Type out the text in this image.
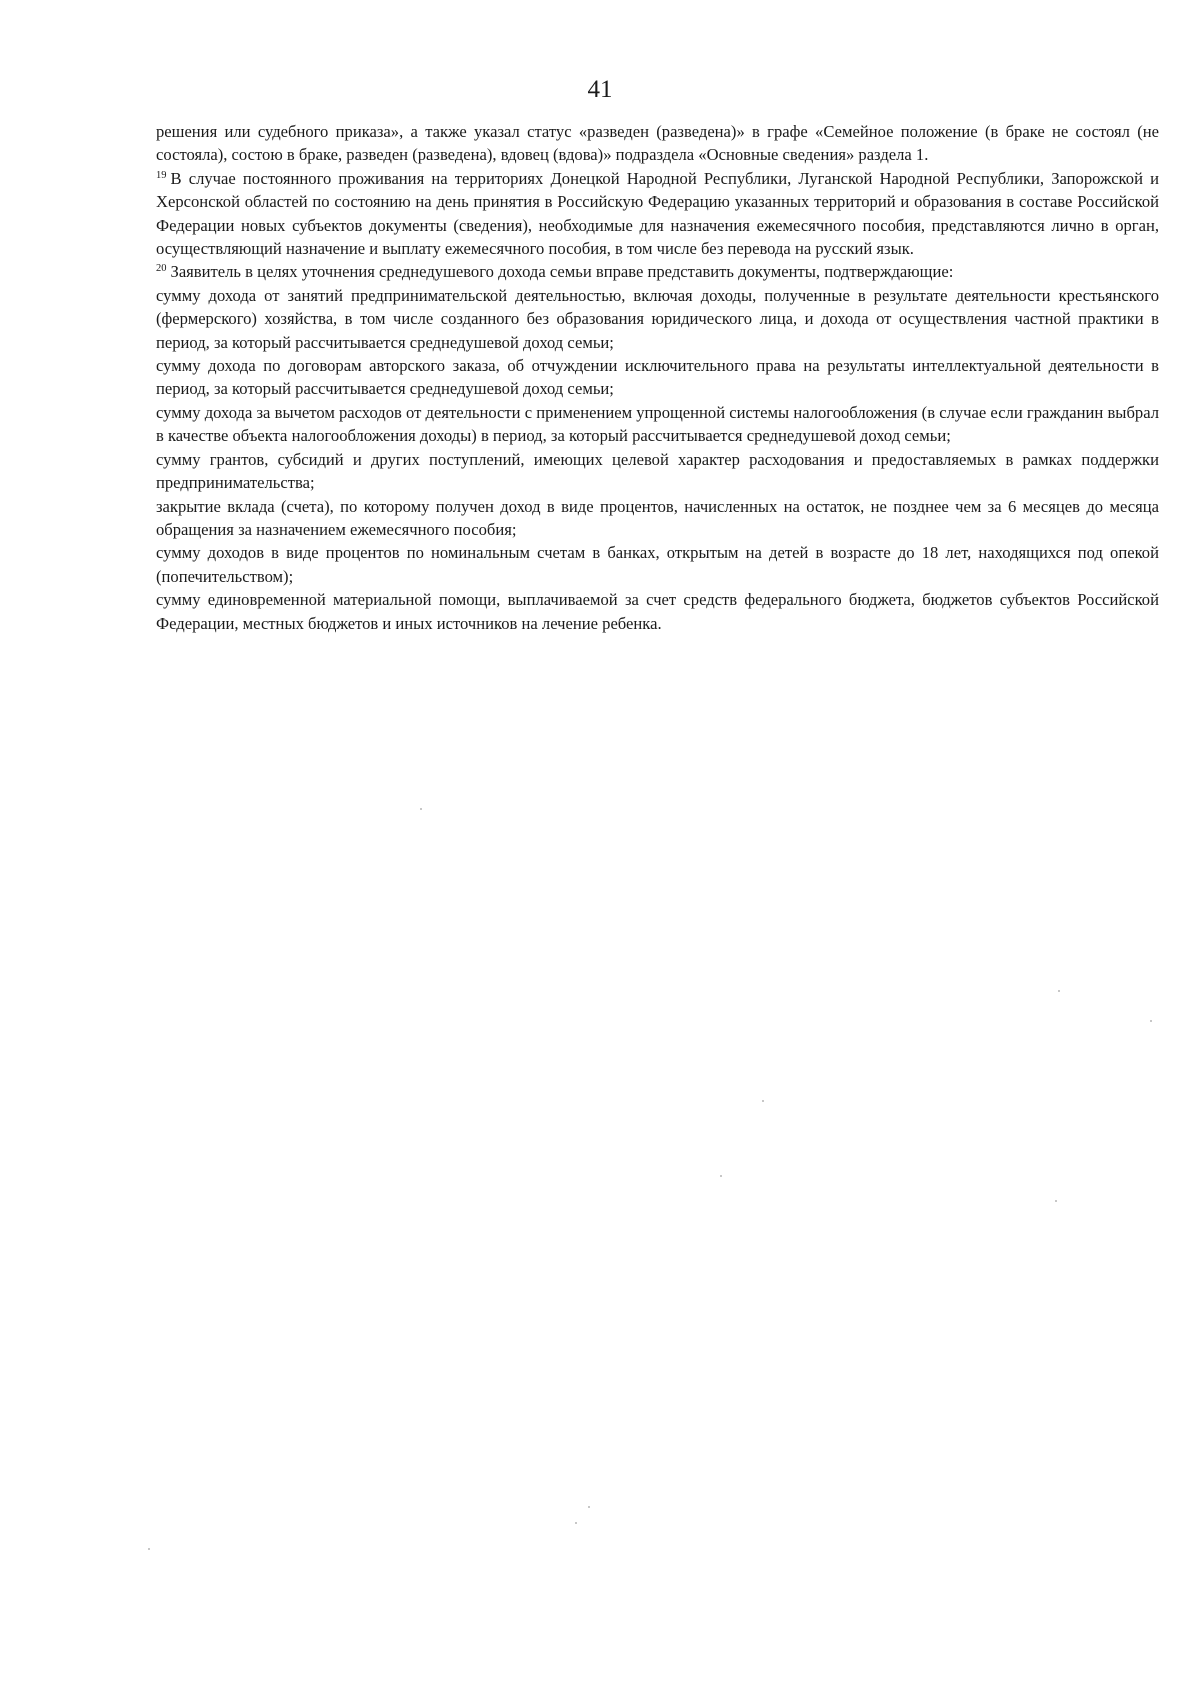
41

решения или судебного приказа», а также указал статус «разведен (разведена)» в графе «Семейное положение (в браке не состоял (не состояла), состою в браке, разведен (разведена), вдовец (вдова)» подраздела «Основные сведения» раздела 1.

$^{19}$ В случае постоянного проживания на территориях Донецкой Народной Республики, Луганской Народной Республики, Запорожской и Херсонской областей по состоянию на день принятия в Российскую Федерацию указанных территорий и образования в составе Российской Федерации новых субъектов документы (сведения), необходимые для назначения ежемесячного пособия, представляются лично в орган, осуществляющий назначение и выплату ежемесячного пособия, в том числе без перевода на русский язык.

$^{20}$ Заявитель в целях уточнения среднедушевого дохода семьи вправе представить документы, подтверждающие:

сумму дохода от занятий предпринимательской деятельностью, включая доходы, полученные в результате деятельности крестьянского (фермерского) хозяйства, в том числе созданного без образования юридического лица, и дохода от осуществления частной практики в период, за который рассчитывается среднедушевой доход семьи;

сумму дохода по договорам авторского заказа, об отчуждении исключительного права на результаты интеллектуальной деятельности в период, за который рассчитывается среднедушевой доход семьи;

сумму дохода за вычетом расходов от деятельности с применением упрощенной системы налогообложения (в случае если гражданин выбрал в качестве объекта налогообложения доходы) в период, за который рассчитывается среднедушевой доход семьи;

сумму грантов, субсидий и других поступлений, имеющих целевой характер расходования и предоставляемых в рамках поддержки предпринимательства;

закрытие вклада (счета), по которому получен доход в виде процентов, начисленных на остаток, не позднее чем за 6 месяцев до месяца обращения за назначением ежемесячного пособия;

сумму доходов в виде процентов по номинальным счетам в банках, открытым на детей в возрасте до 18 лет, находящихся под опекой (попечительством);

сумму единовременной материальной помощи, выплачиваемой за счет средств федерального бюджета, бюджетов субъектов Российской Федерации, местных бюджетов и иных источников на лечение ребенка.
